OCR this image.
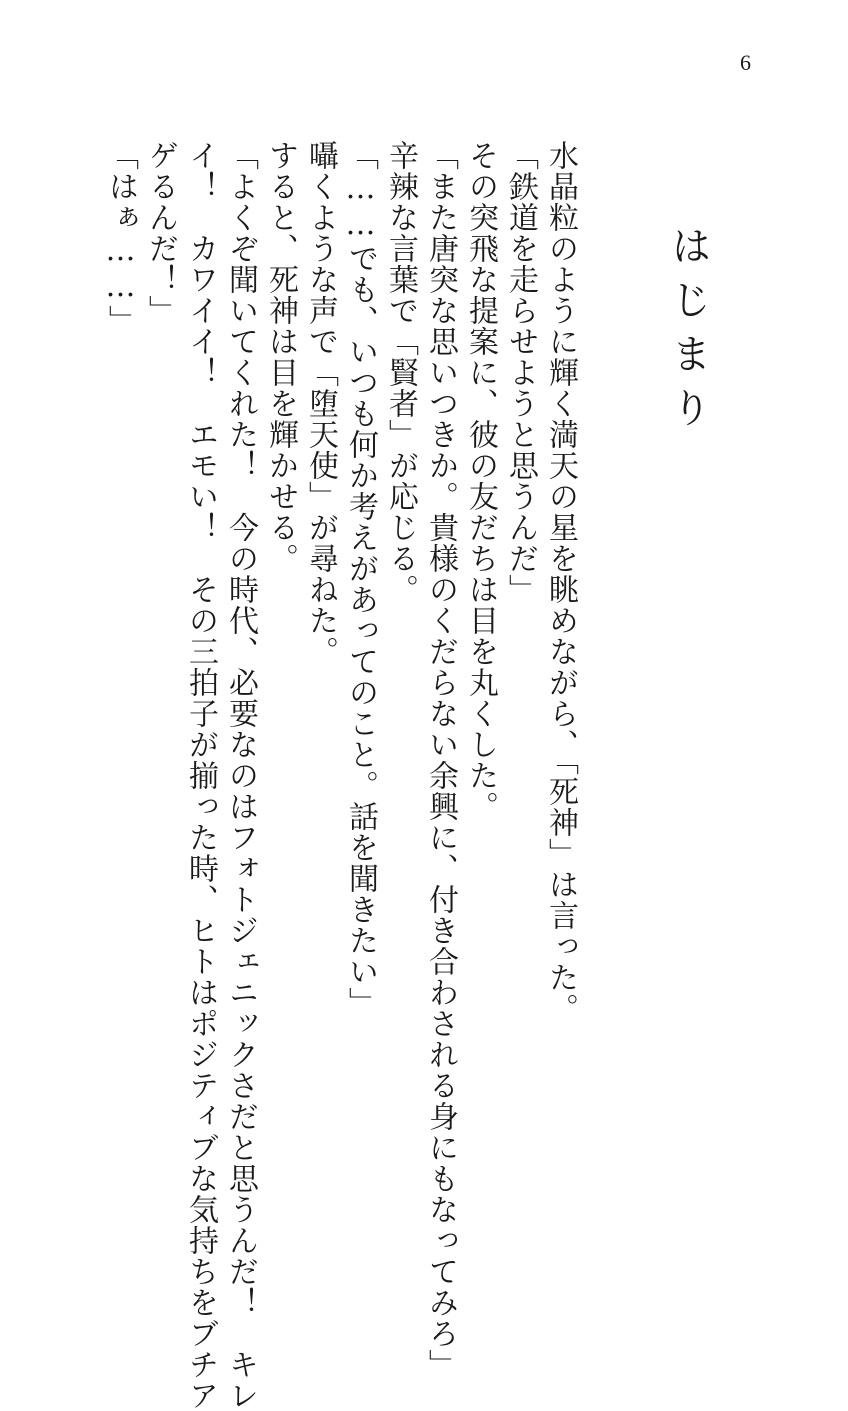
6
はじまり
水晶粒のように輝く満天の星を眺めながら、「死神」は言った。
「鉄道を走らせようと思うんだ」
その突飛な提案に、彼の友だちは目を丸くした。
「また唐突な思いつきか。貴様のくだらない余興に、付き合わされる身にもなってみろ」
辛辣な言葉で「賢者」が応じる。
「……でも、いつも何か考えがあってのこと。話を聞きたい」
囁くような声で「堕天使」が尋ねた。
すると、死神は目を輝かせる。
「よくぞ聞いてくれた！　今の時代、必要なのはフォトジェニックさだと思うんだ！　キレ
イ！　カワイイ！　エモい！　その三拍子が揃った時、ヒトはポジティブな気持ちをブチア
ゲるんだ！」
「はぁ……」
